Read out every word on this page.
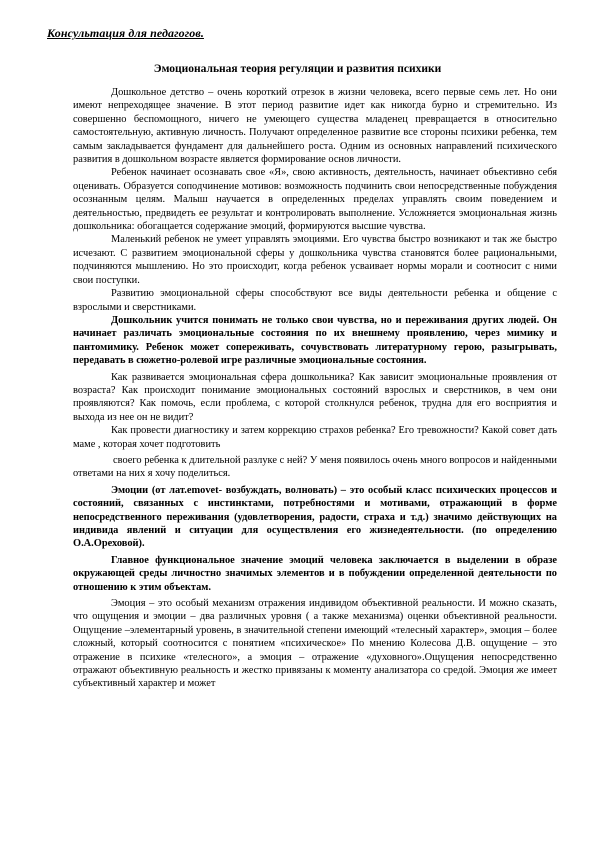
Консультация для педагогов.
Эмоциональная теория регуляции и развития психики

Дошкольное детство – очень короткий отрезок в жизни человека, всего первые семь лет. Но они имеют непреходящее значение. В этот период развитие идет как никогда бурно и стремительно. Из совершенно беспомощного, ничего не умеющего существа младенец превращается в относительно самостоятельную, активную личность. Получают определенное развитие все стороны психики ребенка, тем самым закладывается фундамент для дальнейшего роста. Одним из основных направлений психического развития в дошкольном возрасте является формирование основ личности.

Ребенок начинает осознавать свое «Я», свою активность, деятельность, начинает объективно себя оценивать. Образуется соподчинение мотивов: возможность подчинить свои непосредственные побуждения осознанным целям. Малыш научается в определенных пределах управлять своим поведением и деятельностью, предвидеть ее результат и контролировать выполнение. Усложняется эмоциональная жизнь дошкольника: обогащается содержание эмоций, формируются высшие чувства.

Маленький ребенок не умеет управлять эмоциями. Его чувства быстро возникают и так же быстро исчезают. С развитием эмоциональной сферы у дошкольника чувства становятся более рациональными, подчиняются мышлению. Но это происходит, когда ребенок усваивает нормы морали и соотносит с ними свои поступки.

Развитию эмоциональной сферы способствуют все виды деятельности ребенка и общение с взрослыми и сверстниками.

Дошкольник учится понимать не только свои чувства, но и переживания других людей. Он начинает различать эмоциональные состояния по их внешнему проявлению, через мимику и пантомимику. Ребенок может сопереживать, сочувствовать литературному герою, разыгрывать, передавать в сюжетно-ролевой игре различные эмоциональные состояния.

Как развивается эмоциональная сфера дошкольника? Как зависит эмоциональные проявления от возраста? Как происходит понимание эмоциональных состояний взрослых и сверстников, в чем они проявляются? Как помочь, если проблема, с которой столкнулся ребенок, трудна для его восприятия и выхода из нее он не видит?

Как провести диагностику и затем коррекцию страхов ребенка? Его тревожности? Какой совет дать маме , которая хочет подготовить

своего ребенка к длительной разлуке с ней? У меня появилось очень много вопросов и найденными ответами на них я хочу поделиться.

Эмоции (от лат.emovet- возбуждать, волновать) – это особый класс психических процессов и состояний, связанных с инстинктами, потребностями и мотивами, отражающий в форме непосредственного переживания (удовлетворения, радости, страха и т.д.) значимо действующих на индивида явлений и ситуации для осуществления его жизнедеятельности. (по определению О.А.Ореховой).

Главное функциональное значение эмоций человека заключается в выделении в образе окружающей среды личностно значимых элементов и в побуждении определенной деятельности по отношению к этим объектам.

Эмоция – это особый механизм отражения индивидом объективной реальности. И можно сказать, что ощущения и эмоции – два различных уровня ( а также механизма) оценки объективной реальности. Ощущение –элементарный уровень, в значительной степени имеющий «телесный характер», эмоция – более сложный, который соотносится с понятием «психическое» По мнению Колесова Д.В. ощущение – это отражение в психике «телесного», а эмоция – отражение «духовного».Ощущения непосредственно отражают объективную реальность и жестко привязаны к моменту анализатора со средой. Эмоция же имеет субъективный характер и может
